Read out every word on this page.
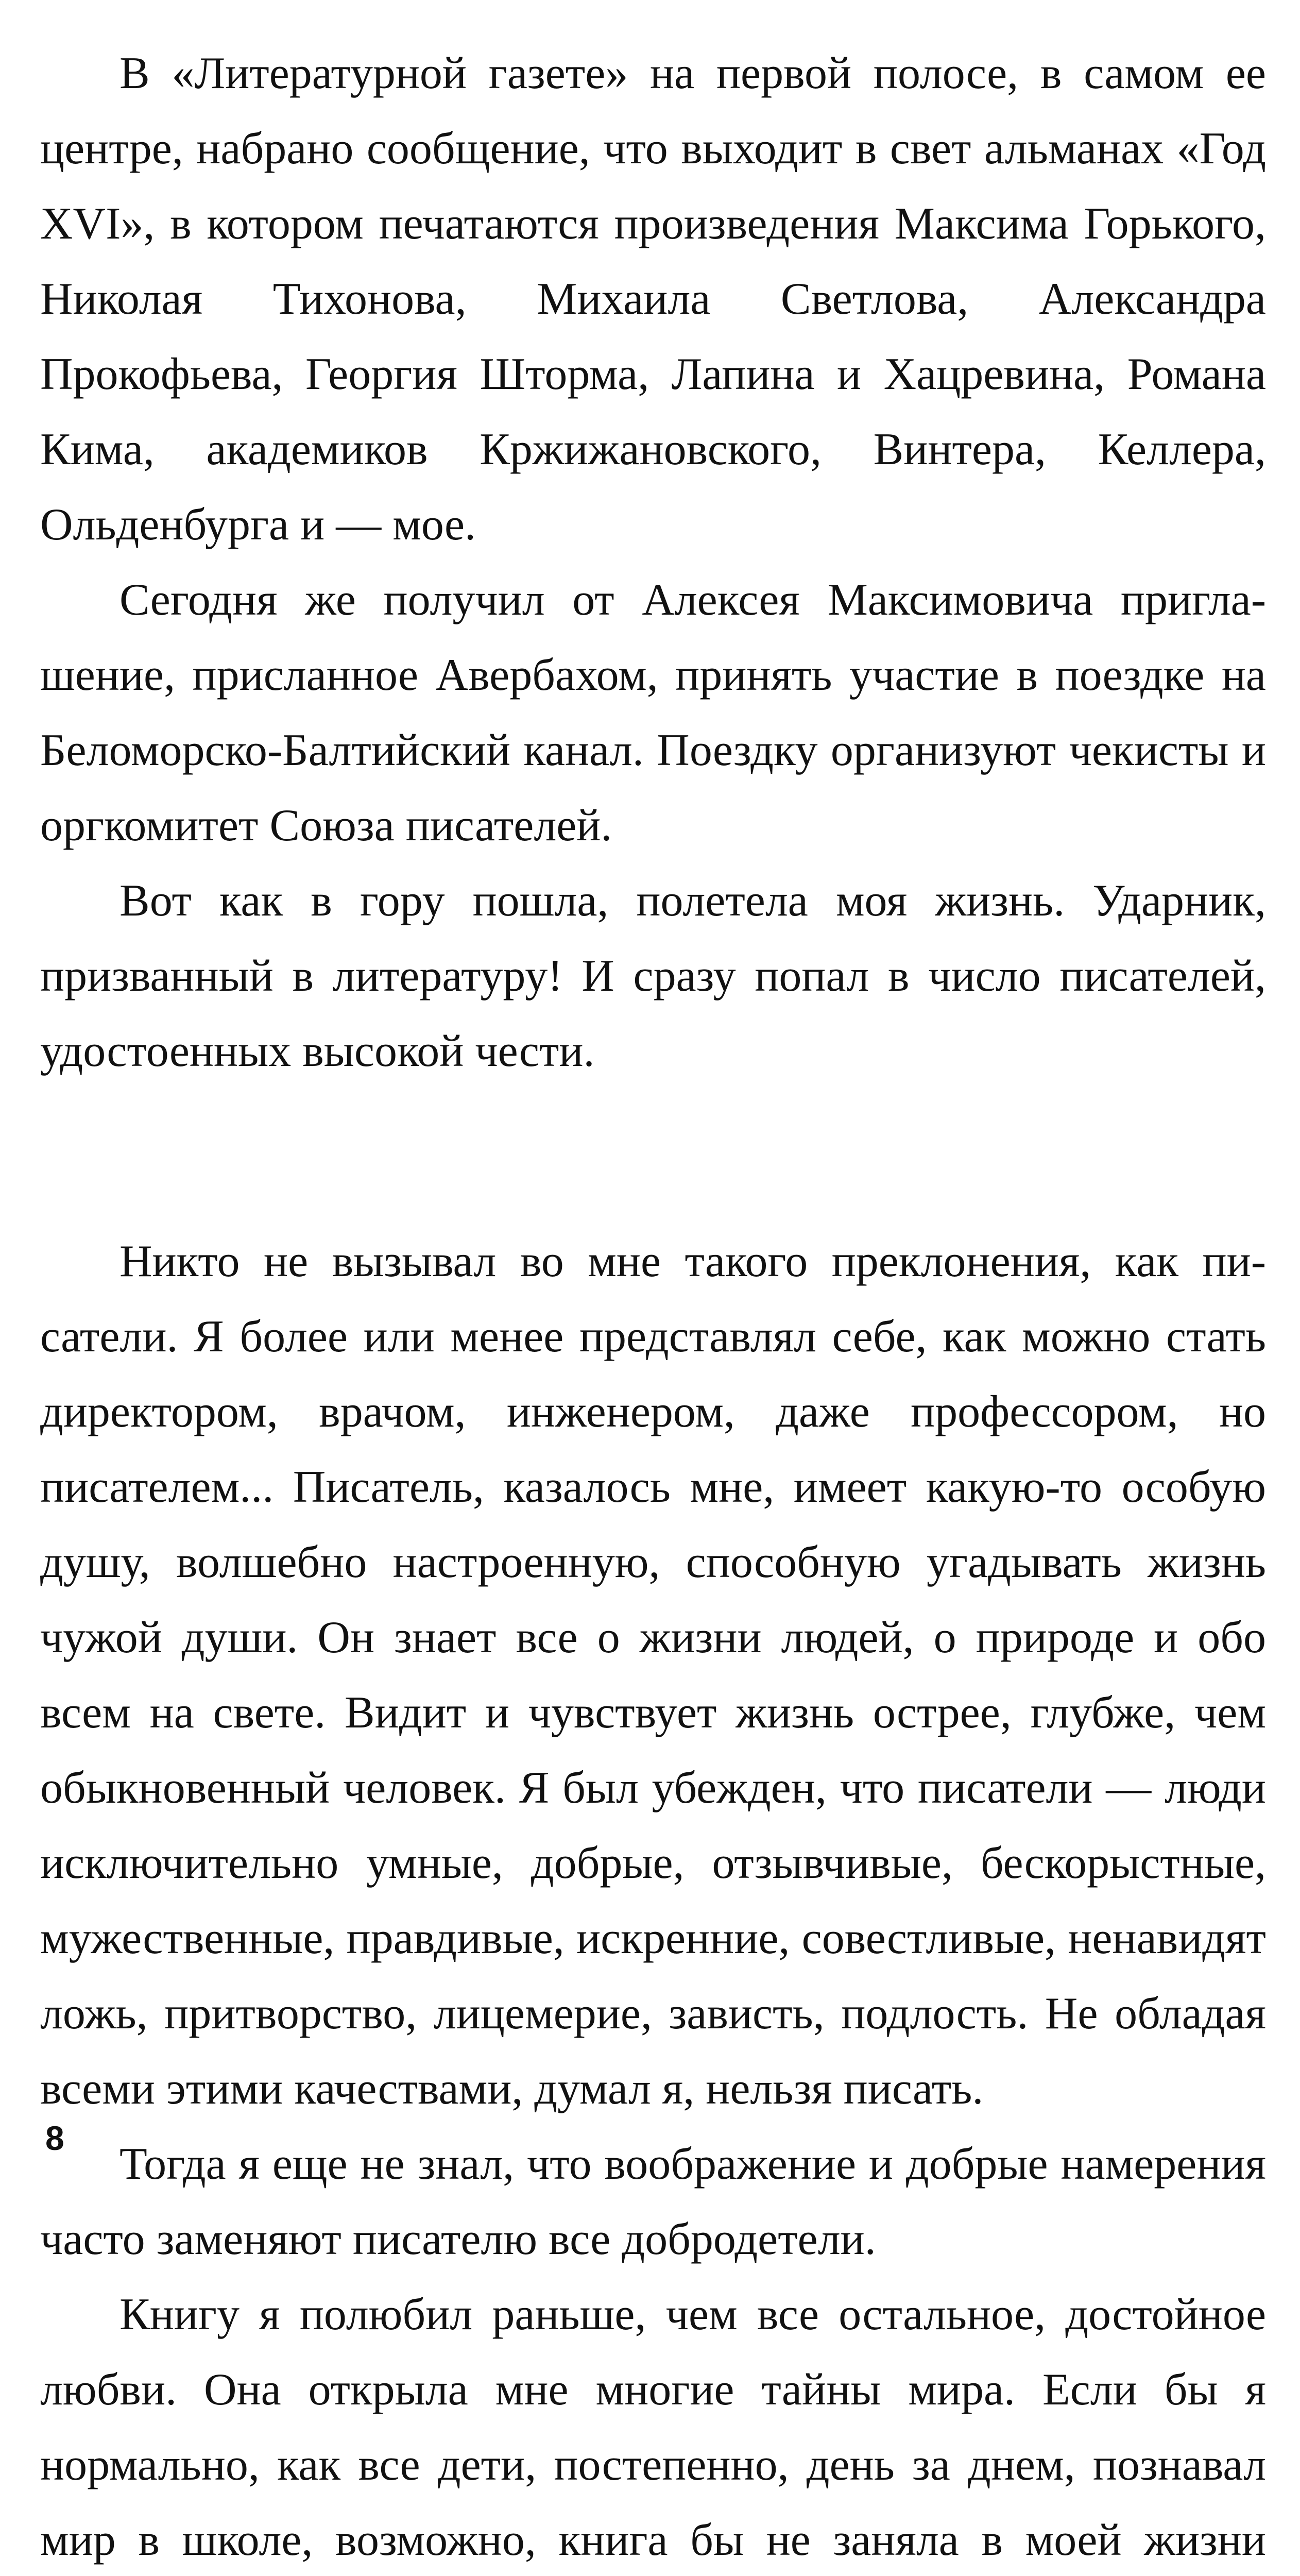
В «Литературной газете» на первой полосе, в самом ее центре, набрано сообщение, что выходит в свет альманах «Год XVI», в котором печатаются произведения Максима Горького, Николая Тихонова, Михаила Светлова, Александра Прокофьева, Георгия Шторма, Лапина и Хацревина, Романа Кима, академиков Кржижановского, Винтера, Келлера, Ольденбурга и — мое.

Сегодня же получил от Алексея Максимовича приглашение, присланное Авербахом, принять участие в поездке на Беломорско-Балтийский канал. Поездку организуют чекисты и оргкомитет Союза писателей.

Вот как в гору пошла, полетела моя жизнь. Ударник, призванный в литературу! И сразу попал в число писателей, удостоенных высокой чести.

Никто не вызывал во мне такого преклонения, как писатели. Я более или менее представлял себе, как можно стать директором, врачом, инженером, даже профессором, но писателем... Писатель, казалось мне, имеет какую-то особую душу, волшебно настроенную, способную угадывать жизнь чужой души. Он знает все о жизни людей, о природе и обо всем на свете. Видит и чувствует жизнь острее, глубже, чем обыкновенный человек. Я был убежден, что писатели — люди исключительно умные, добрые, отзывчивые, бескорыстные, мужественные, правдивые, искренние, совестливые, ненавидят ложь, притворство, лицемерие, зависть, подлость. Не обладая всеми этими качествами, думал я, нельзя писать.

Тогда я еще не знал, что воображение и добрые намерения часто заменяют писателю все добродетели.

Книгу я полюбил раньше, чем все остальное, достойное любви. Она открыла мне многие тайны мира. Если бы я нормально, как все дети, постепенно, день за днем, познавал мир в школе, возможно, книга бы не заняла в моей жизни

8
